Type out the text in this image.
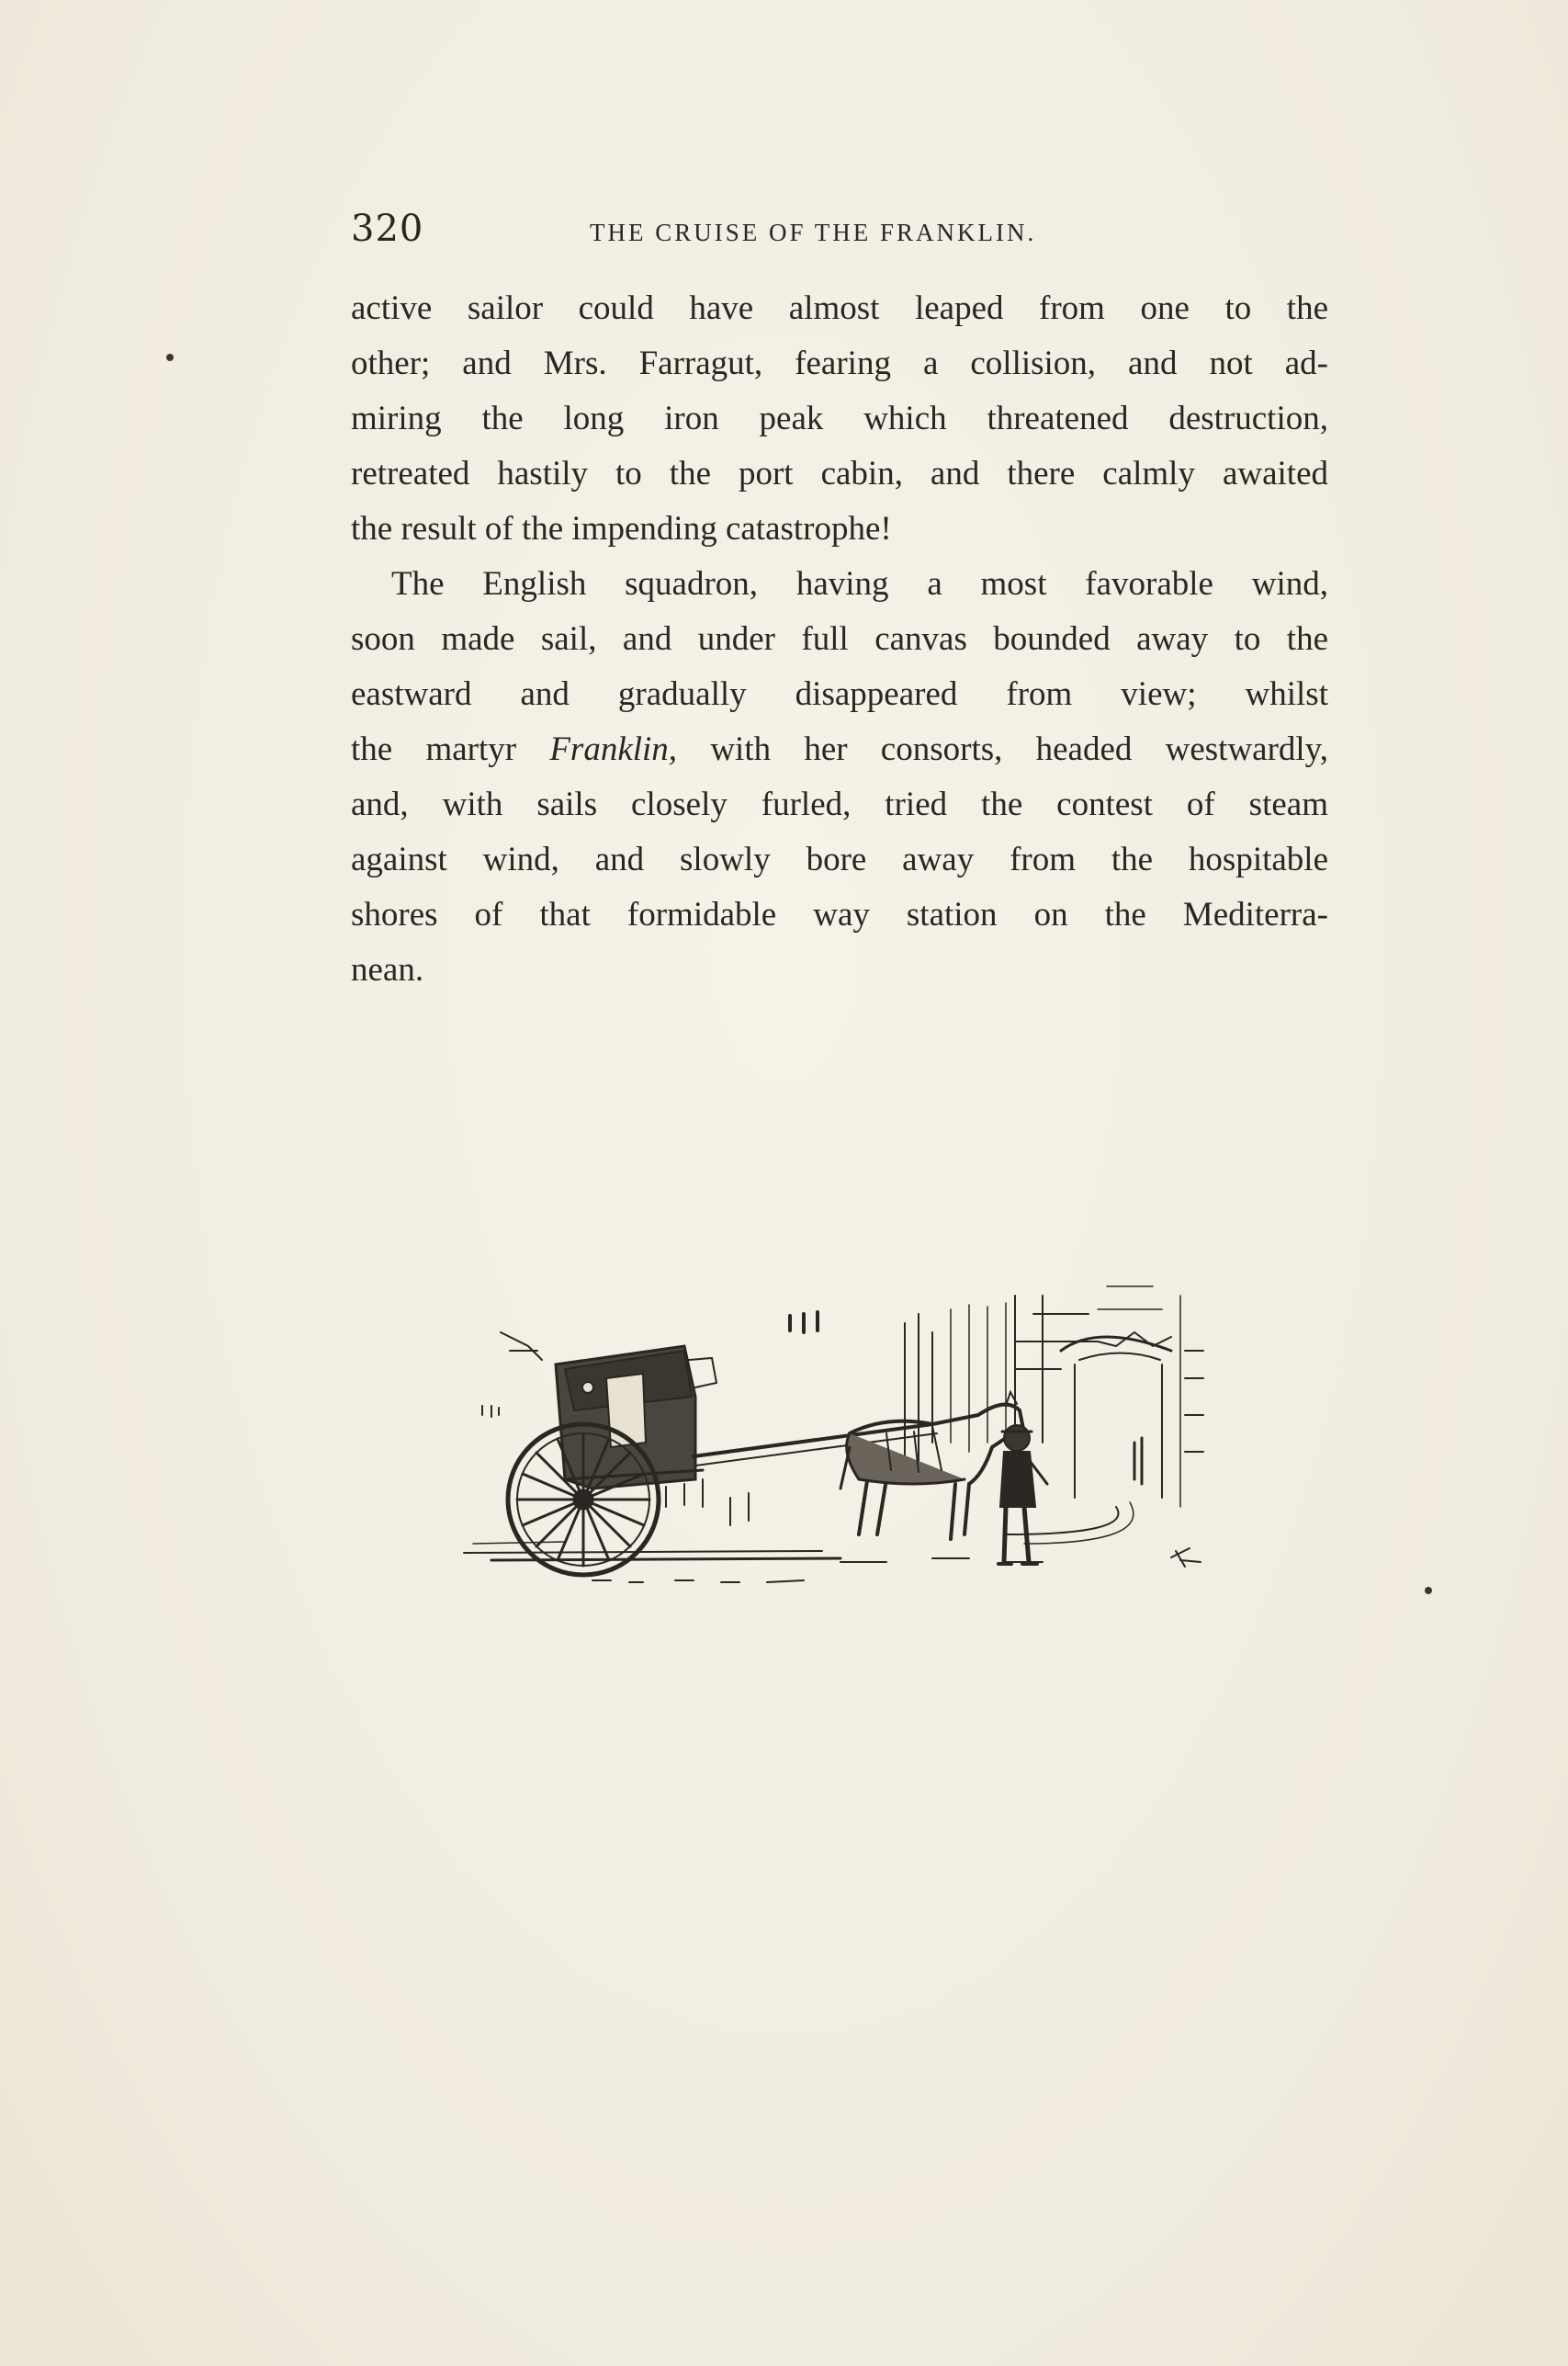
320	THE CRUISE OF THE FRANKLIN.
active sailor could have almost leaped from one to the
other; and Mrs. Farragut, fearing a collision, and not ad-
miring the long iron peak which threatened destruction,
retreated hastily to the port cabin, and there calmly awaited
the result of the impending catastrophe!
The English squadron, having a most favorable wind,
soon made sail, and under full canvas bounded away to the
eastward and gradually disappeared from view; whilst
the martyr Franklin, with her consorts, headed westwardly,
and, with sails closely furled, tried the contest of steam
against wind, and slowly bore away from the hospitable
shores of that formidable way station on the Mediterra-
nean.
